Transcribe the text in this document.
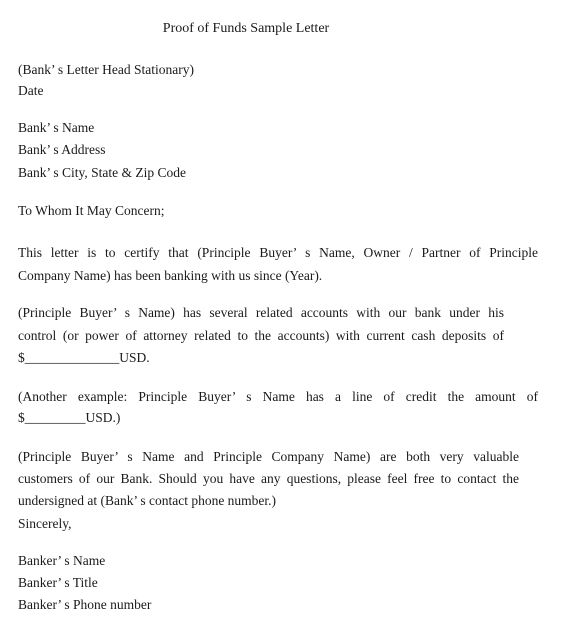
Proof of Funds Sample Letter
(Bank’ s Letter Head Stationary)
Date
Bank’ s Name
Bank’ s Address
Bank’ s City, State & Zip Code
To Whom It May Concern;
This letter is to certify that (Principle Buyer’ s Name, Owner / Partner of Principle
Company Name) has been banking with us since (Year).
(Principle Buyer’ s Name) has several related accounts with our bank under his
control (or power of attorney related to the accounts) with current cash deposits of
$______________USD.
(Another example: Principle Buyer’ s Name has a line of credit the amount of
$_________USD.)
(Principle Buyer’ s Name and Principle Company Name) are both very valuable
customers of our Bank. Should you have any questions, please feel free to contact the
undersigned at (Bank’ s contact phone number.)
Sincerely,
Banker’ s Name
Banker’ s Title
Banker’ s Phone number
